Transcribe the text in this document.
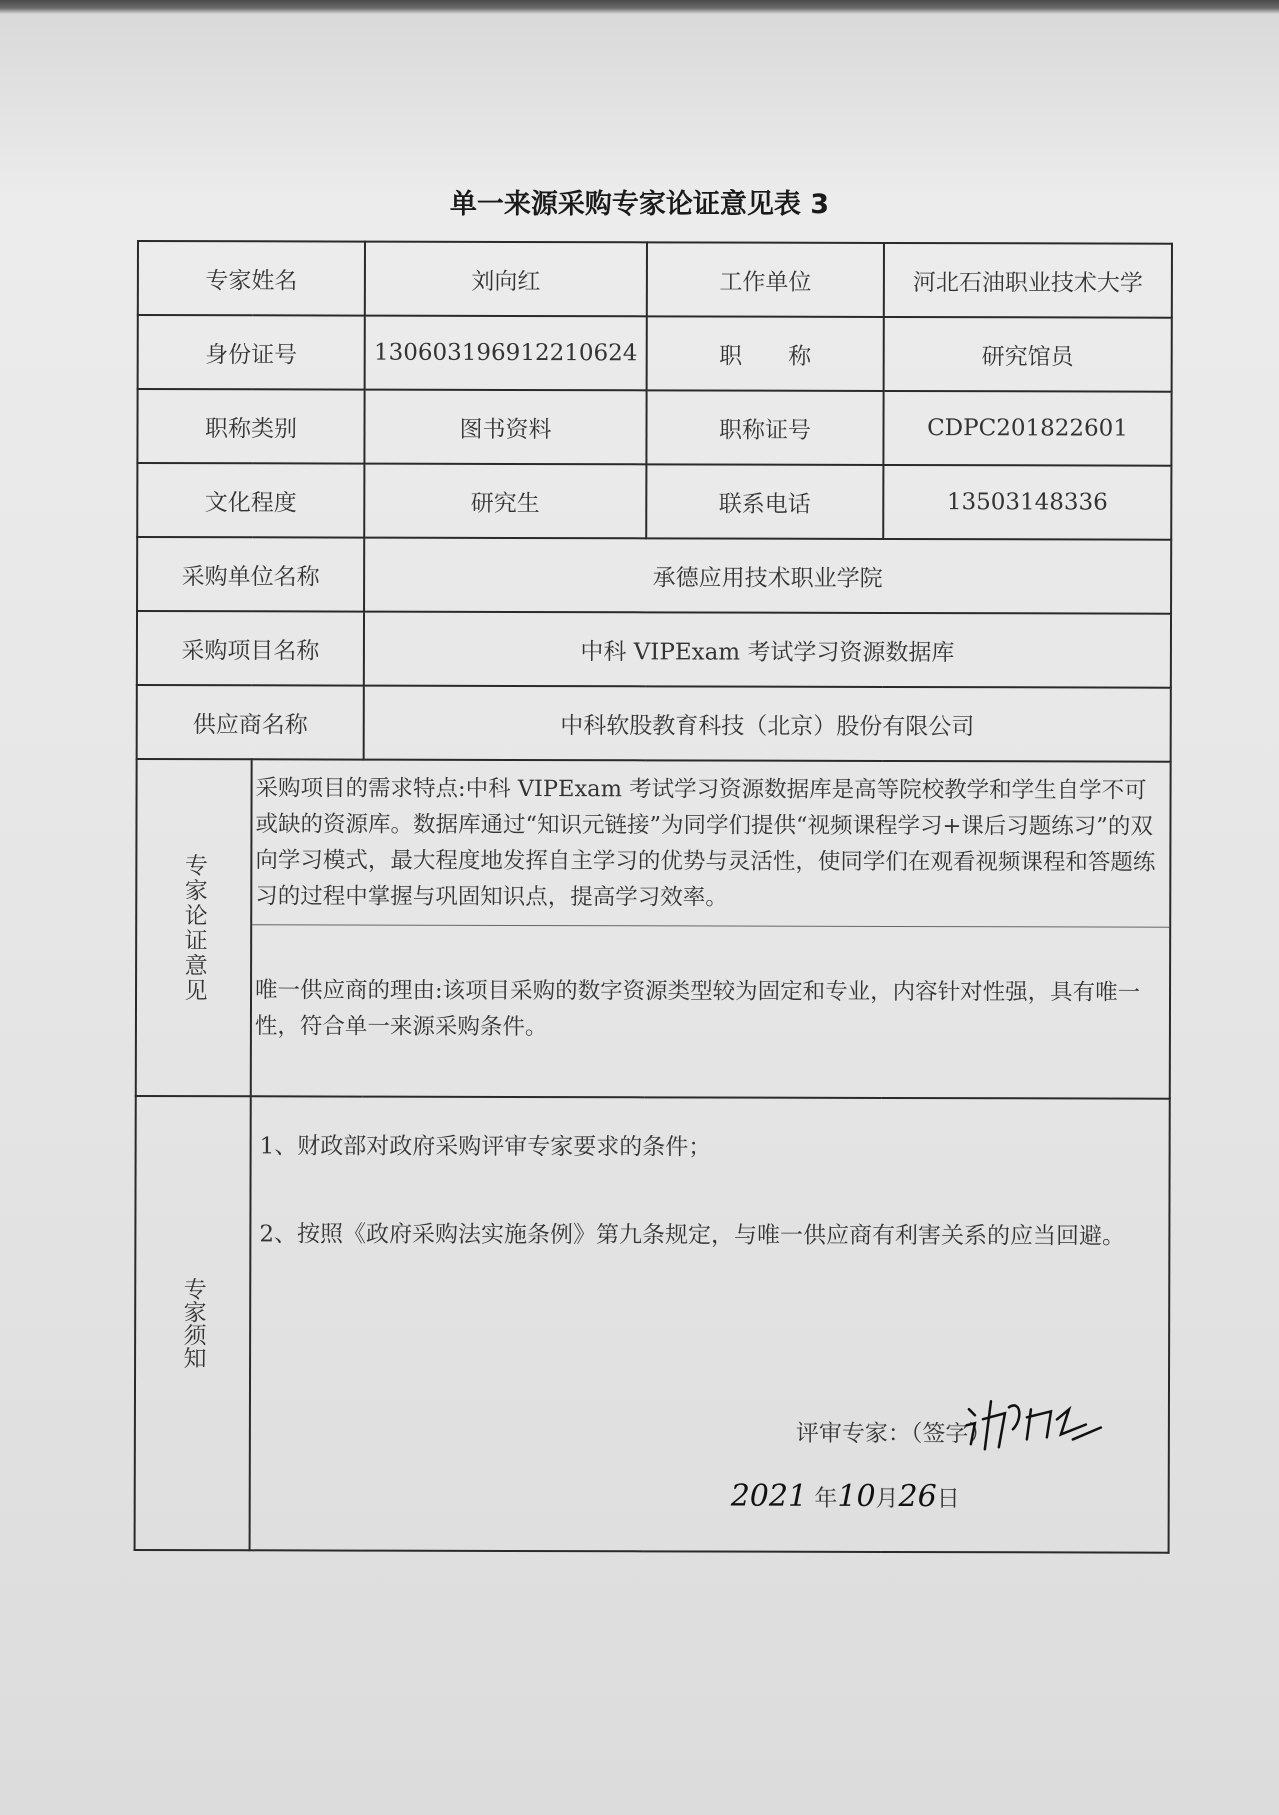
单一来源采购专家论证意见表 3
专家姓名		刘向红	工作单位	河北石油职业技术大学
身份证号		130603196912210624	职　　称	研究馆员
职称类别		图书资料	职称证号	CDPC201822601
文化程度		研究生	联系电话	13503148336
采购单位名称		承德应用技术职业学院		
采购项目名称		中科 VIPExam 考试学习资源数据库		
供应商名称		中科软股教育科技（北京）股份有限公司		

专家论证意见	采购项目的需求特点:中科 VIPExam 考试学习资源数据库是高等院校教学和学生自学不可或缺的资源库。数据库通过“知识元链接”为同学们提供“视频课程学习+课后习题练习”的双向学习模式，最大程度地发挥自主学习的优势与灵活性，使同学们在观看视频课程和答题练习的过程中掌握与巩固知识点，提高学习效率。
唯一供应商的理由:该项目采购的数字资源类型较为固定和专业，内容针对性强，具有唯一性，符合单一来源采购条件。			

专家须知	1、财政部对政府采购评审专家要求的条件；
2、按照《政府采购法实施条例》第九条规定，与唯一供应商有利害关系的应当回避。
评审专家：（签字）
2021 年10月26日			
